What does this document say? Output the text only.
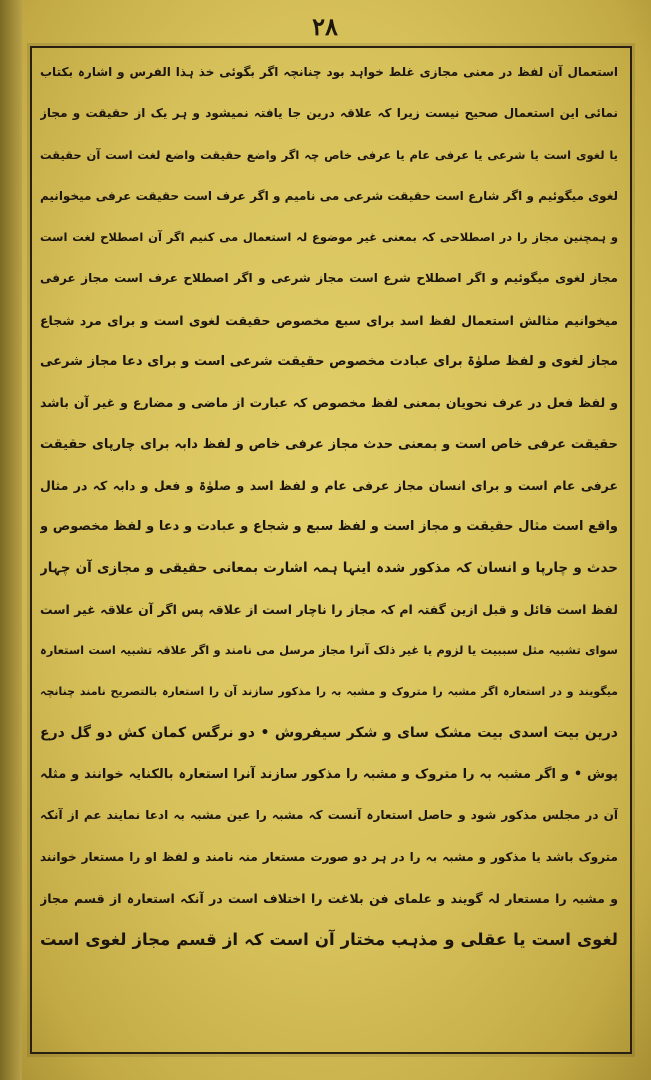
٢٨
استعمال آن لفظ در معنی مجازی غلط خواہد بود چنانچہ اگر بگوئی خذ ہذا الفرس و اشارہ بکتاب
نمائی این استعمال صحیح نیست زیرا کہ علاقہ درین جا یافتہ نمیشود و ہر یک از حقیقت و مجاز
یا لغوی است یا شرعی یا عرفی عام یا عرفی خاص چہ اگر واضع حقیقت واضع لغت است آن حقیقت
لغوی میگوئیم و اگر شارع است حقیقت شرعی می نامیم و اگر عرف است حقیقت عرفی میخوانیم
و ہمچنین مجاز را در اصطلاحی کہ بمعنی غیر موضوع لہ استعمال می کنیم اگر آن اصطلاح لغت است
مجاز لغوی میگوئیم و اگر اصطلاح شرع است مجاز شرعی و اگر اصطلاح عرف است مجاز عرفی
میخوانیم مثالش استعمال لفظ اسد برای سبع مخصوص حقیقت لغوی است و برای مرد شجاع
مجاز لغوی و لفظ صلوٰۃ برای عبادت مخصوص حقیقت شرعی است و برای دعا مجاز شرعی
و لفظ فعل در عرف نحویان بمعنی لفظ مخصوص کہ عبارت از ماضی و مضارع و غیر آن باشد
حقیقت عرفی خاص است و بمعنی حدث مجاز عرفی خاص و لفظ دابہ برای چارپای حقیقت
عرفی عام است و برای انسان مجاز عرفی عام و لفظ اسد و صلوٰۃ و فعل و دابہ کہ در مثال
واقع است مثال حقیقت و مجاز است و لفظ سبع و شجاع و عبادت و دعا و لفظ مخصوص و
حدث و چارپا و انسان کہ مذکور شدہ اینہا ہمہ اشارت بمعانی حقیقی و مجازی آن چہار
لفظ است قائل و قبل ازین گفتہ ام کہ مجاز را ناچار است از علاقہ پس اگر آن علاقہ غیر است
سوای تشبیہ مثل سببیت یا لزوم یا غیر ذلک آنرا مجاز مرسل می نامند و اگر علاقہ تشبیہ است استعارہ
میگویند و در استعارہ اگر مشبہ را متروک و مشبہ بہ را مذکور سازند آن را استعارہ بالتصریح نامند چنانچہ
درین بیت اسدی بیت مشک سای و شکر سیفروش • دو نرگس کمان کش دو گل درع
پوش • و اگر مشبہ بہ را متروک و مشبہ را مذکور سازند آنرا استعارہ بالکنایہ خوانند و مثلہ
آن در مجلس مذکور شود و حاصل استعارہ آنست کہ مشبہ را عین مشبہ بہ ادعا نمایند عم از آنکہ
متروک باشد یا مذکور و مشبہ بہ را در ہر دو صورت مستعار منہ نامند و لفظ او را مستعار خوانند
و مشبہ را مستعار لہ گویند و علمای فن بلاغت را اختلاف است در آنکہ استعارہ از قسم مجاز
لغوی است یا عقلی و مذہب مختار آن است کہ از قسم مجاز لغوی است
